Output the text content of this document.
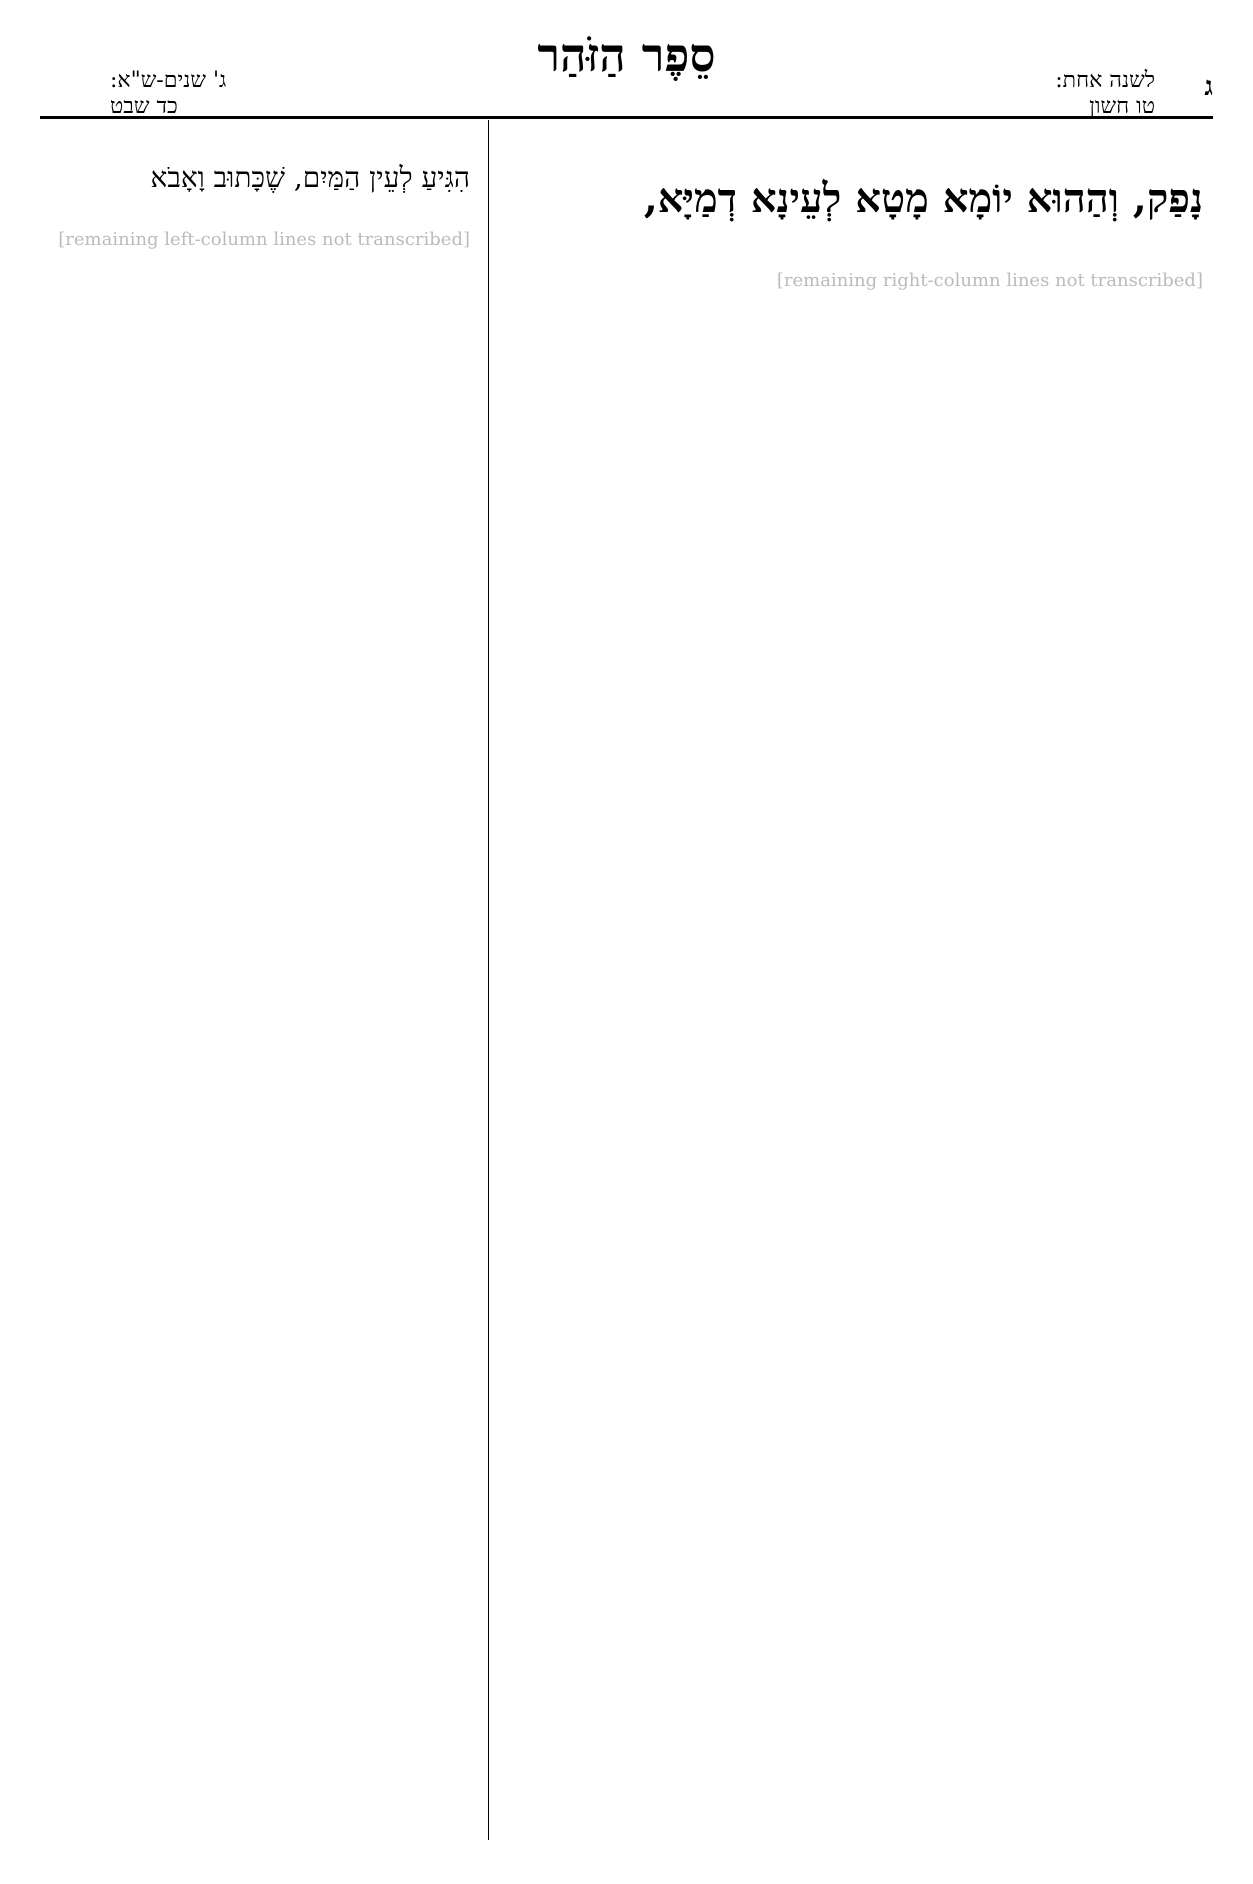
סֵפֶר הַזֹּהַר
ג
לשנה אחת:
טו חשון
ג' שנים-ש"א:
כד שבט

נָפַק, וְהַהוּא יוֹמָא מָטָא לְעֵינָא דְמַיָּא,

[remaining right-column lines not transcribed]

הִגִּיעַ לְעֵין הַמַּיִם, שֶׁכָּתוּב וָאָבֹא

[remaining left-column lines not transcribed]
